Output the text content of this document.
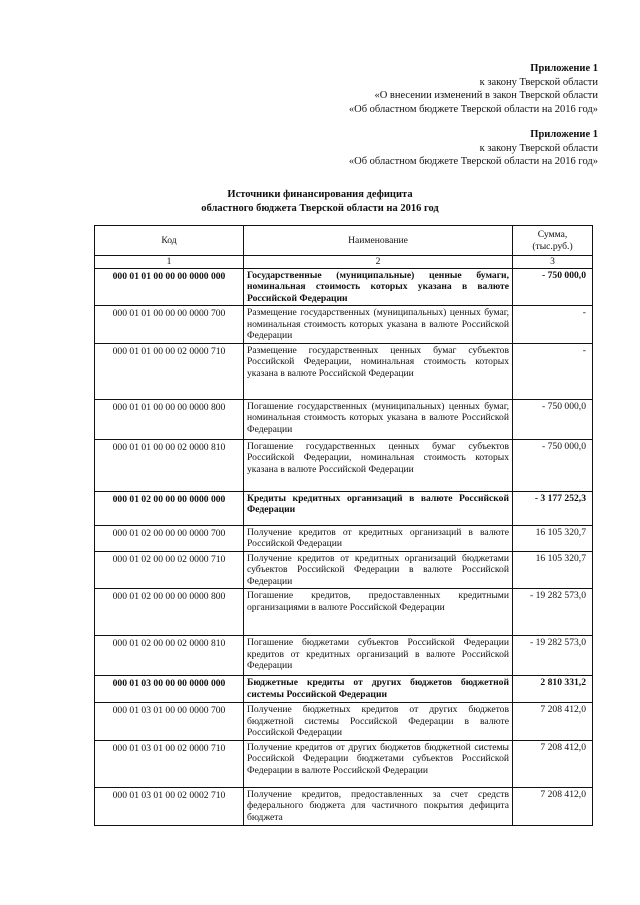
Приложение 1
к закону Тверской области
«О внесении изменений в закон Тверской области
«Об областном бюджете Тверской области на 2016 год»
Приложение 1
к закону Тверской области
«Об областном бюджете Тверской области на 2016 год»
Источники финансирования дефицита
областного бюджета Тверской области на 2016 год
Код	Наименование	Сумма,
(тыс.руб.)

1	2	3
000 01 01 00 00 00 0000 000	Государственные (муниципальные) ценные бумаги, номинальная стоимость которых указана в валюте Российской Федерации	- 750 000,0
000 01 01 00 00 00 0000 700	Размещение государственных (муниципальных) ценных бумаг, номинальная стоимость которых указана в валюте Российской Федерации	-
000 01 01 00 00 02 0000 710	Размещение государственных ценных бумаг субъектов Российской Федерации, номинальная стоимость которых указана в валюте Российской Федерации	-
000 01 01 00 00 00 0000 800	Погашение государственных (муниципальных) ценных бумаг, номинальная стоимость которых указана в валюте Российской Федерации	- 750 000,0
000 01 01 00 00 02 0000 810	Погашение государственных ценных бумаг субъектов Российской Федерации, номинальная стоимость которых указана в валюте Российской Федерации	- 750 000,0
000 01 02 00 00 00 0000 000	Кредиты кредитных организаций в валюте Российской Федерации	- 3 177 252,3
000 01 02 00 00 00 0000 700	Получение кредитов от кредитных организаций в валюте Российской Федерации	16 105 320,7
000 01 02 00 00 02 0000 710	Получение кредитов от кредитных организаций бюджетами субъектов Российской Федерации в валюте Российской Федерации	16 105 320,7
000 01 02 00 00 00 0000 800	Погашение кредитов, предоставленных кредитными организациями в валюте Российской Федерации	- 19 282 573,0
000 01 02 00 00 02 0000 810	Погашение бюджетами субъектов Российской Федерации кредитов от кредитных организаций в валюте Российской Федерации	- 19 282 573,0
000 01 03 00 00 00 0000 000	Бюджетные кредиты от других бюджетов бюджетной системы Российской Федерации	2 810 331,2
000 01 03 01 00 00 0000 700	Получение бюджетных кредитов от других бюджетов бюджетной системы Российской Федерации в валюте Российской Федерации	7 208 412,0
000 01 03 01 00 02 0000 710	Получение кредитов от других бюджетов бюджетной системы Российской Федерации бюджетами субъектов Российской Федерации в валюте Российской Федерации	7 208 412,0
000 01 03 01 00 02 0002 710	Получение кредитов, предоставленных за счет средств федерального бюджета для частичного покрытия дефицита бюджета	7 208 412,0
